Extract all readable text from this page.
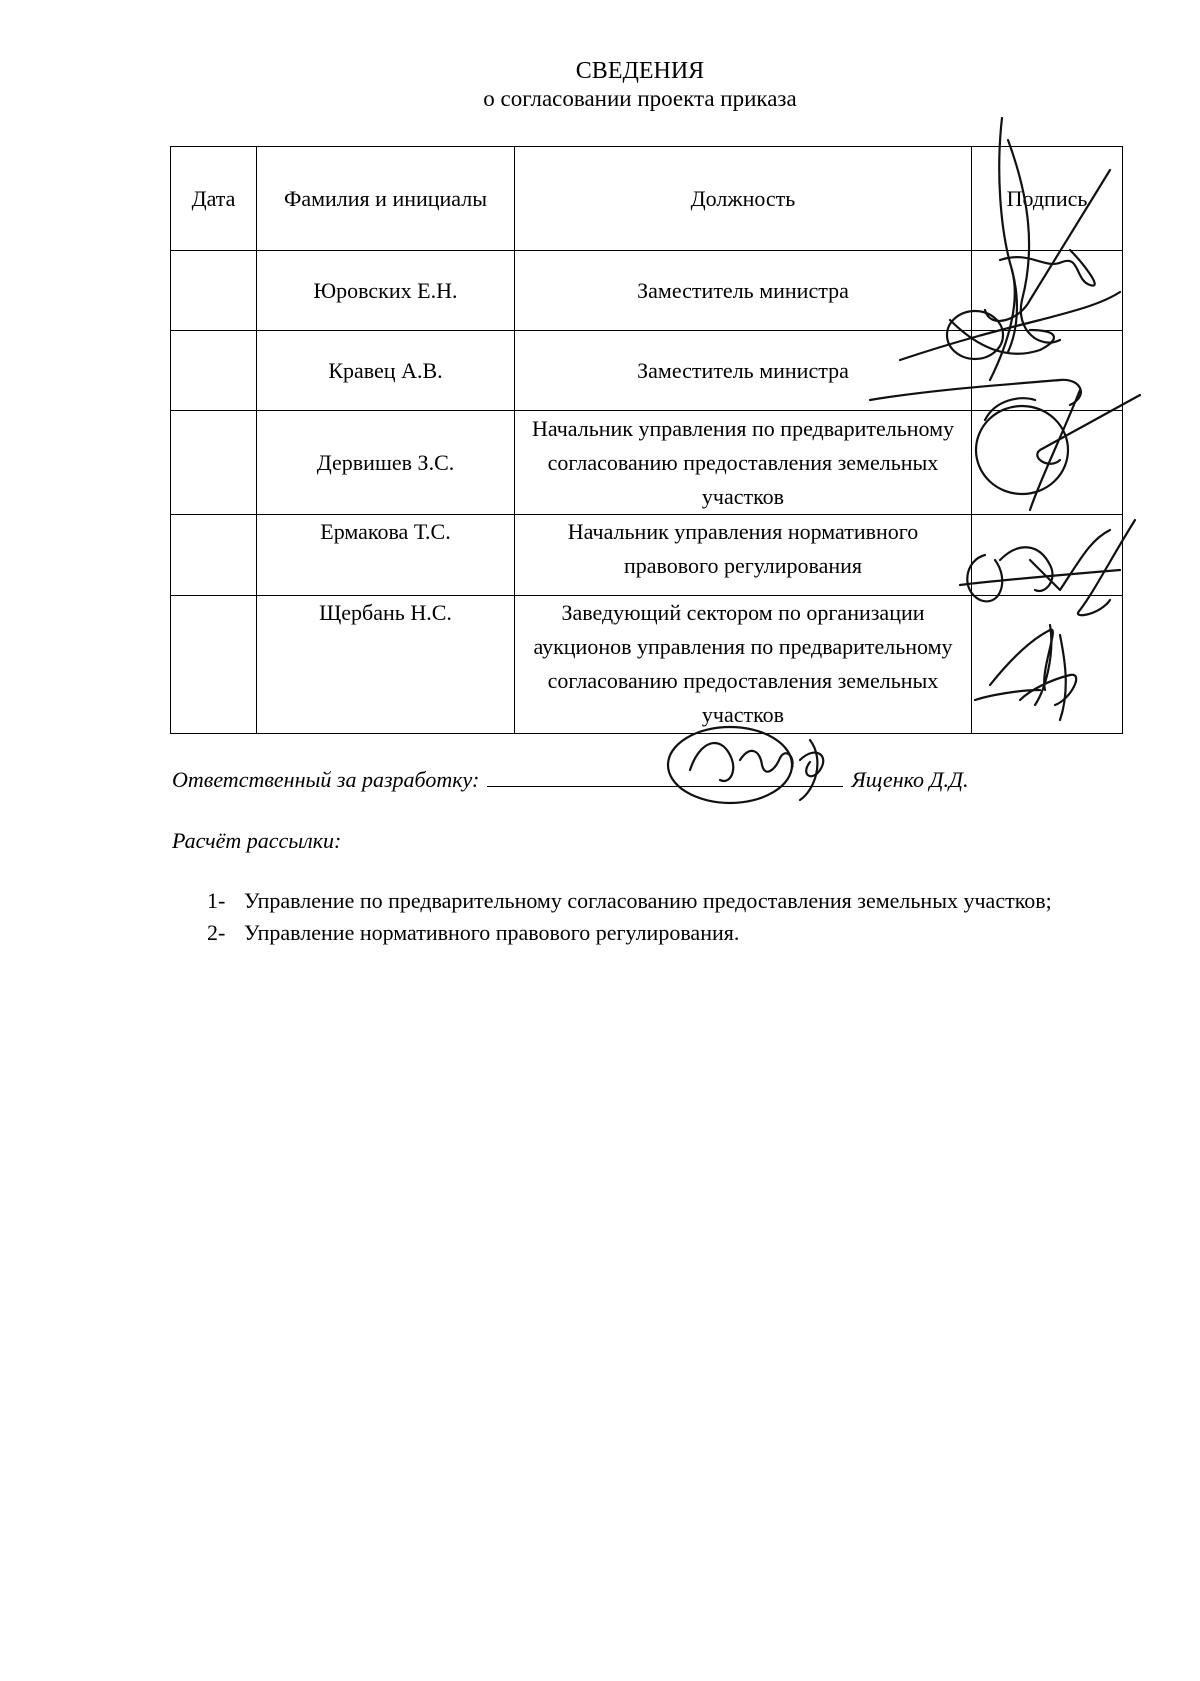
СВЕДЕНИЯ
о согласовании проекта приказа
Дата	Фамилия и инициалы	Должность	Подпись
	Юровских Е.Н.	Заместитель министра	
	Кравец А.В.	Заместитель министра	
	Дервишев З.С.	Начальник управления по предварительному согласованию предоставления земельных участков	
	Ермакова Т.С.	Начальник управления нормативного правового регулирования	
	Щербань Н.С.	Заведующий сектором по организации аукционов управления по предварительному согласованию предоставления земельных участков	
Ответственный за разработку:	Ященко Д.Д.
Расчёт рассылки:
1- Управление по предварительному согласованию предоставления земельных участков;
2- Управление нормативного правового регулирования.
